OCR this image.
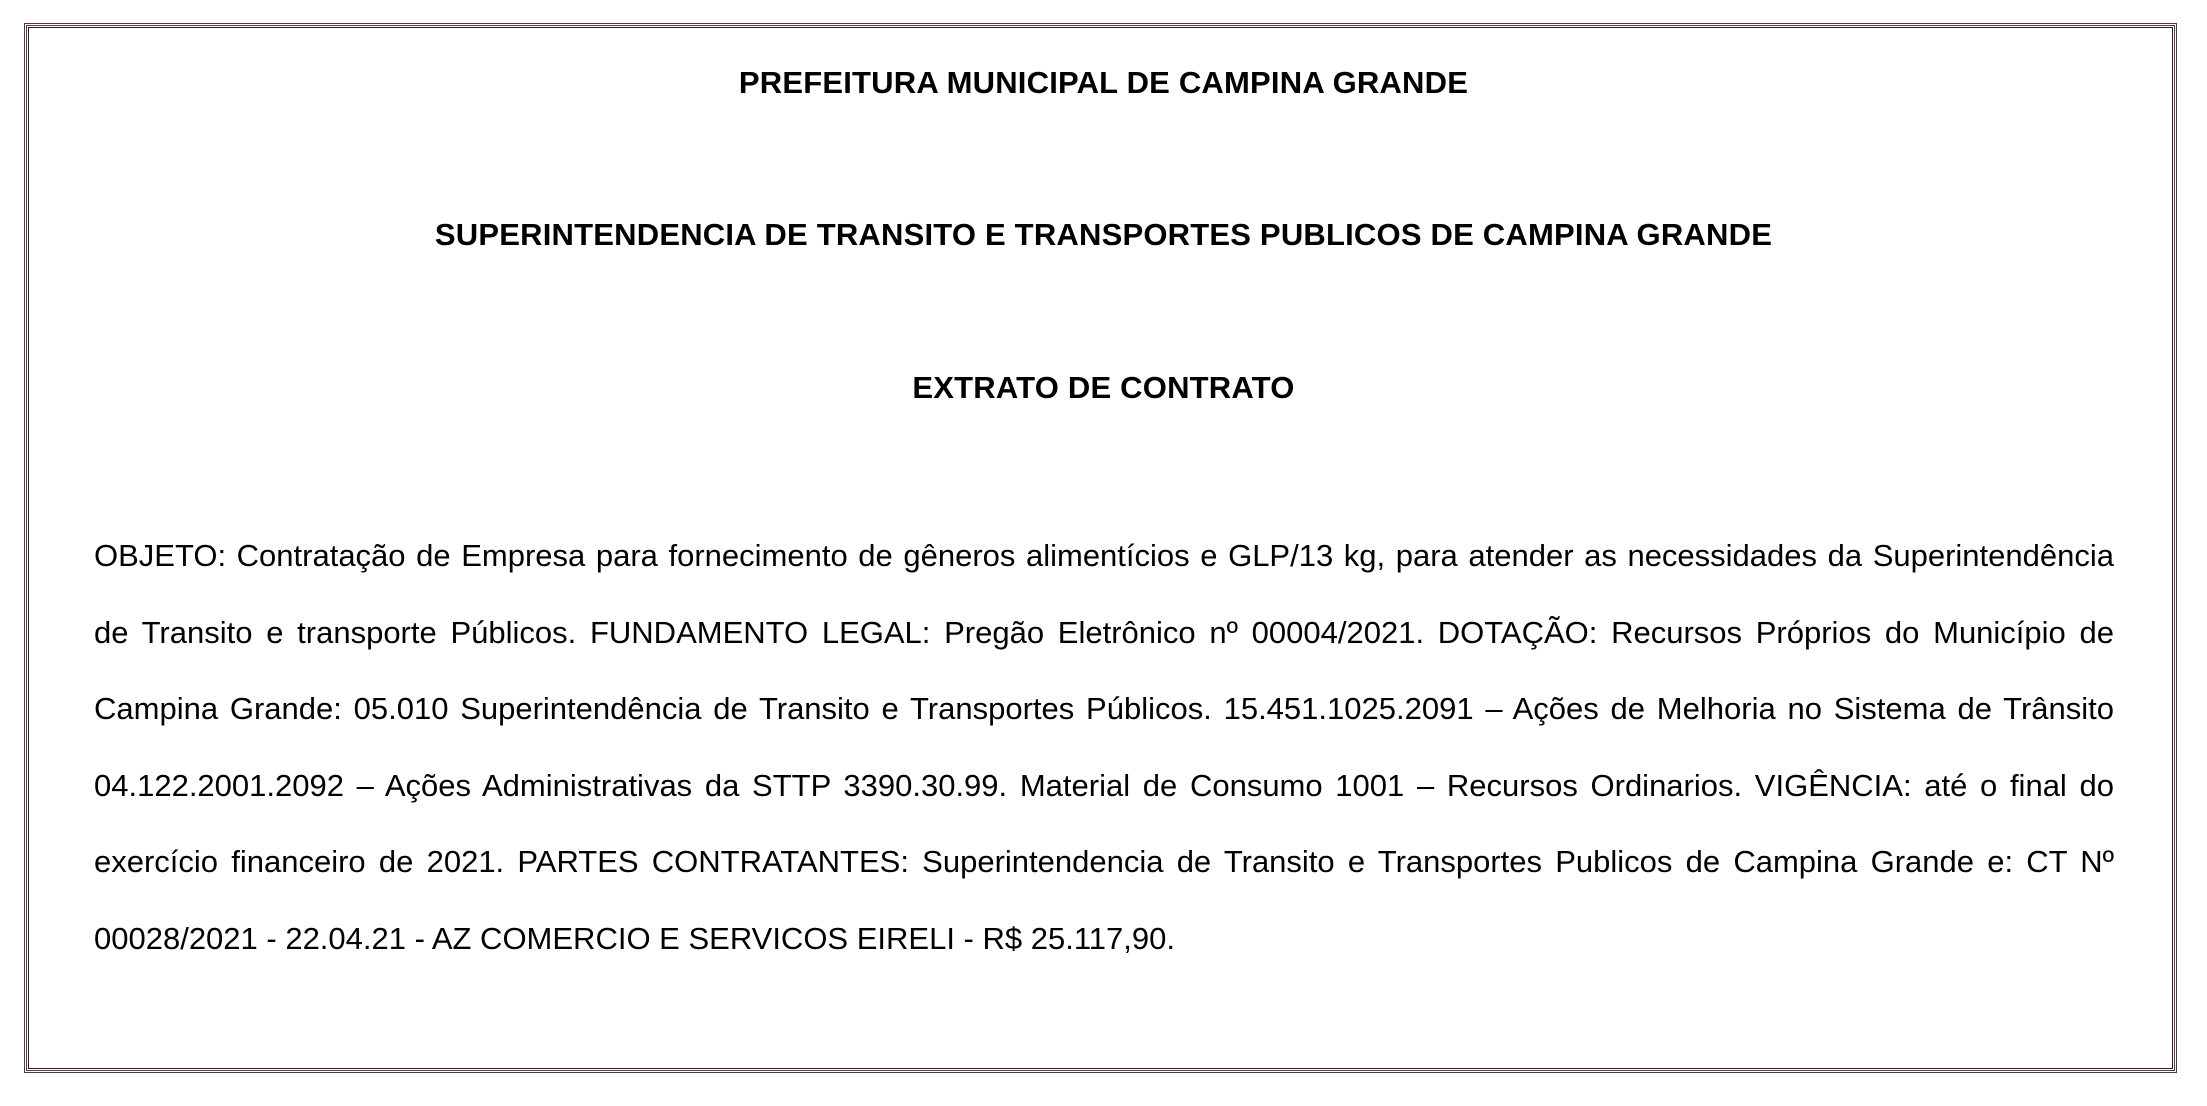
PREFEITURA MUNICIPAL DE CAMPINA GRANDE
SUPERINTENDENCIA DE TRANSITO E TRANSPORTES PUBLICOS DE CAMPINA GRANDE
EXTRATO DE CONTRATO

OBJETO: Contratação de Empresa para fornecimento de gêneros alimentícios e GLP/13 kg, para atender as necessidades da Superintendência de Transito e transporte Públicos. FUNDAMENTO LEGAL: Pregão Eletrônico nº 00004/2021. DOTAÇÃO: Recursos Próprios do Município de Campina Grande: 05.010 Superintendência de Transito e Transportes Públicos. 15.451.1025.2091 – Ações de Melhoria no Sistema de Trânsito 04.122.2001.2092 – Ações Administrativas da STTP 3390.30.99. Material de Consumo 1001 – Recursos Ordinarios. VIGÊNCIA: até o final do exercício financeiro de 2021. PARTES CONTRATANTES: Superintendencia de Transito e Transportes Publicos de Campina Grande e: CT Nº 00028/2021 - 22.04.21 - AZ COMERCIO E SERVICOS EIRELI - R$ 25.117,90.
